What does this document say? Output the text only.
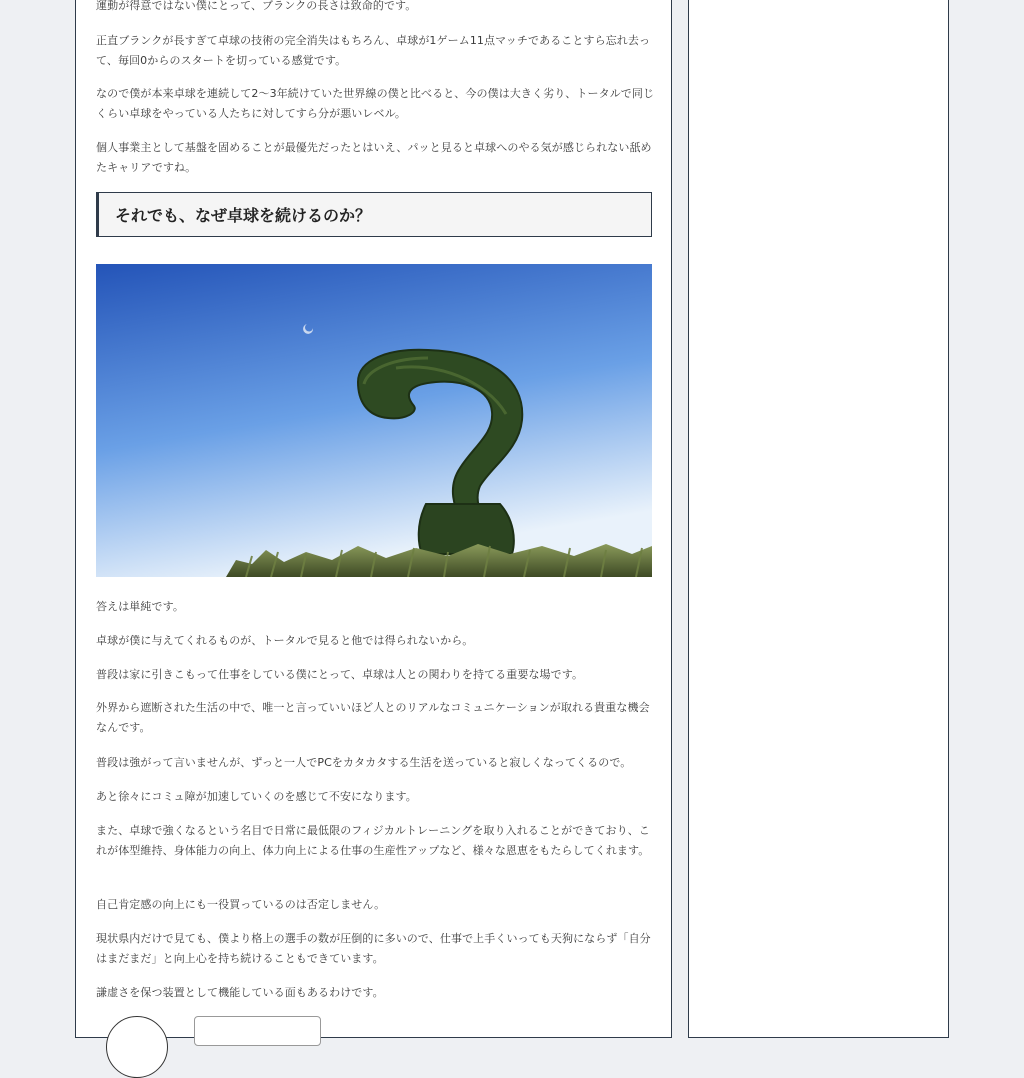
運動が得意ではない僕にとって、ブランクの長さは致命的です。

正直ブランクが長すぎて卓球の技術の完全消失はもちろん、卓球が1ゲーム11点マッチであることすら忘れ去って、毎回0からのスタートを切っている感覚です。

なので僕が本来卓球を連続して2〜3年続けていた世界線の僕と比べると、今の僕は大きく劣り、トータルで同じくらい卓球をやっている人たちに対してすら分が悪いレベル。

個人事業主として基盤を固めることが最優先だったとはいえ、パッと見ると卓球へのやる気が感じられない舐めたキャリアですね。

それでも、なぜ卓球を続けるのか？

答えは単純です。

卓球が僕に与えてくれるものが、トータルで見ると他では得られないから。

普段は家に引きこもって仕事をしている僕にとって、卓球は人との関わりを持てる重要な場です。

外界から遮断された生活の中で、唯一と言っていいほど人とのリアルなコミュニケーションが取れる貴重な機会なんです。

普段は強がって言いませんが、ずっと一人でPCをカタカタする生活を送っていると寂しくなってくるので。

あと徐々にコミュ障が加速していくのを感じて不安になります。

また、卓球で強くなるという名目で日常に最低限のフィジカルトレーニングを取り入れることができており、これが体型維持、身体能力の向上、体力向上による仕事の生産性アップなど、様々な恩恵をもたらしてくれます。

自己肯定感の向上にも一役買っているのは否定しません。

現状県内だけで見ても、僕より格上の選手の数が圧倒的に多いので、仕事で上手くいっても天狗にならず「自分はまだまだ」と向上心を持ち続けることもできています。

謙虚さを保つ装置として機能している面もあるわけです。
